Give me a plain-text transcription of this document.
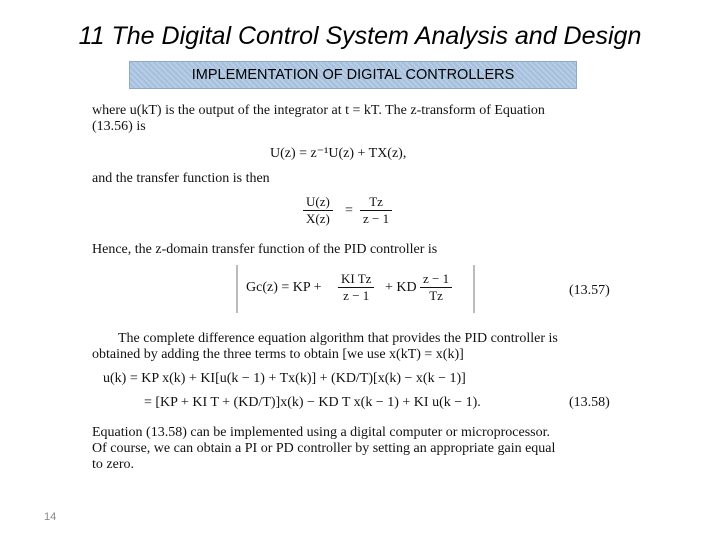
11 The Digital Control System Analysis and Design
IMPLEMENTATION OF DIGITAL CONTROLLERS
where u(kT) is the output of the integrator at t = kT. The z-transform of Equation
(13.56) is
U(z) = z⁻¹U(z) + TX(z),
and the transfer function is then
$\frac{U(z)}{X(z)} = \frac{Tz}{z - 1}$
Hence, the z-domain transfer function of the PID controller is
Gc(z) = KP + $\frac{\text{KI Tz}}{z - 1}$ + KD $\frac{z - 1}{Tz}$	(13.57)
The complete difference equation algorithm that provides the PID controller is
obtained by adding the three terms to obtain [we use x(kT) = x(k)]
u(k) = KP x(k) + KI[u(k − 1) + Tx(k)] + (KD/T)[x(k) − x(k − 1)]
= [KP + KI T + (KD/T)]x(k) − KD T x(k − 1) + KI u(k − 1).	(13.58)
Equation (13.58) can be implemented using a digital computer or microprocessor.
Of course, we can obtain a PI or PD controller by setting an appropriate gain equal
to zero.
14
